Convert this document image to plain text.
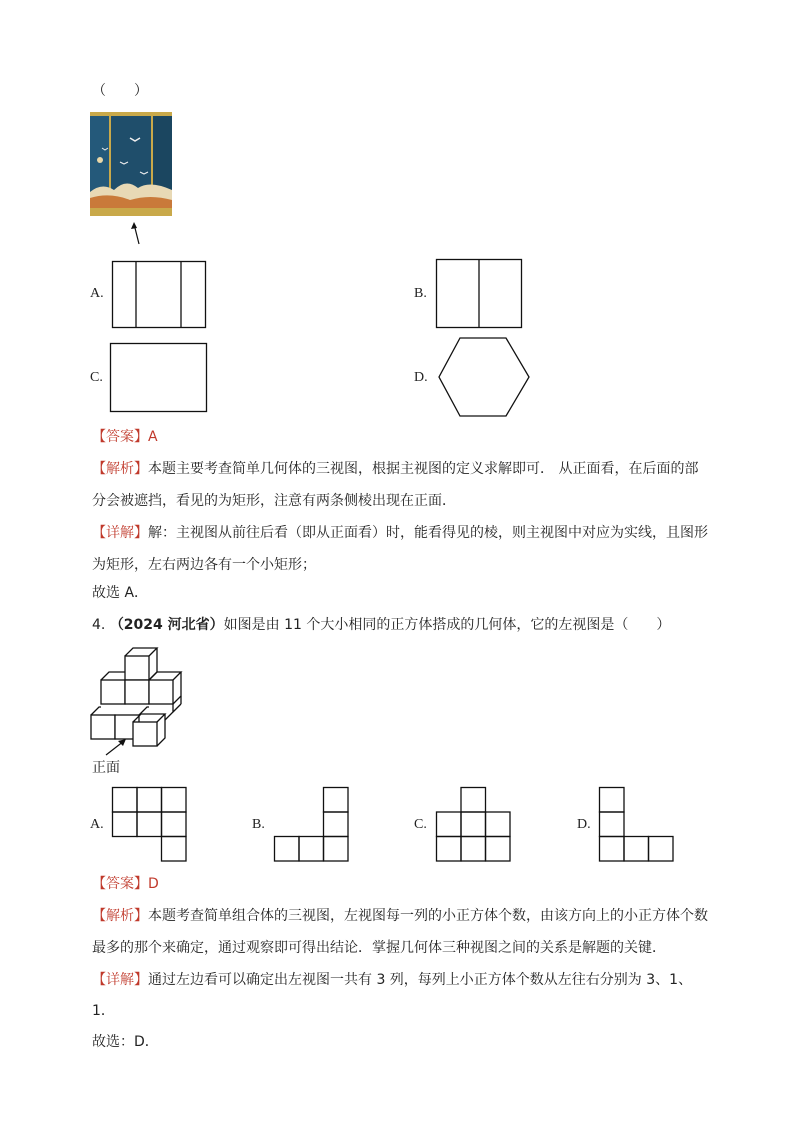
（　　）
A.	B.
C.	D.
【答案】A
【解析】本题主要考查简单几何体的三视图，根据主视图的定义求解即可． 从正面看，在后面的部
分会被遮挡，看见的为矩形，注意有两条侧棱出现在正面．
【详解】解：主视图从前往后看（即从正面看）时，能看得见的棱，则主视图中对应为实线，且图形
为矩形，左右两边各有一个小矩形；
故选 A．
4. （2024 河北省）如图是由 11 个大小相同的正方体搭成的几何体，它的左视图是（　　）
正面
A.	B.	C.	D.
【答案】D
【解析】本题考查简单组合体的三视图，左视图每一列的小正方体个数，由该方向上的小正方体个数
最多的那个来确定，通过观察即可得出结论．掌握几何体三种视图之间的关系是解题的关键．
【详解】通过左边看可以确定出左视图一共有 3 列，每列上小正方体个数从左往右分别为 3、1、
1．
故选：D．
